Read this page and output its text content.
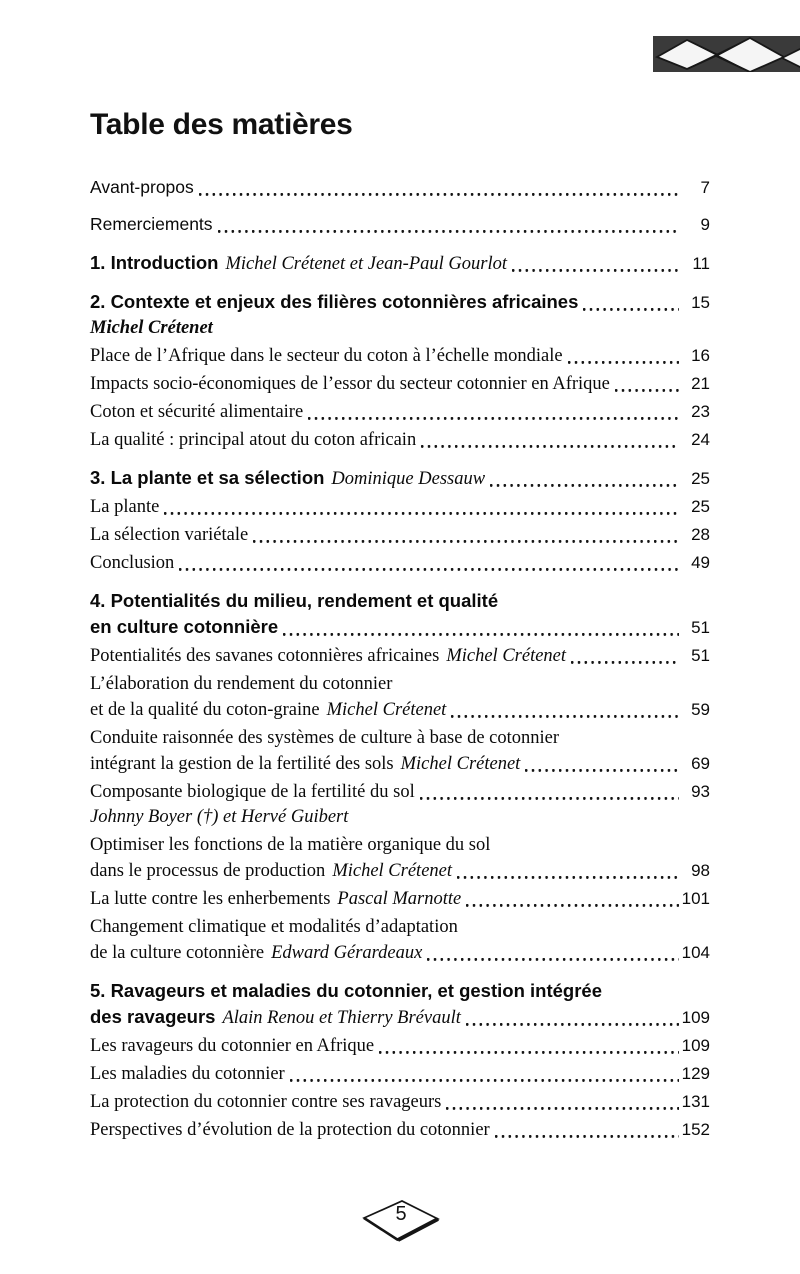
Table des matières
Avant-propos	7
Remerciements	9
1. Introduction Michel Crétenet et Jean-Paul Gourlot	11
2. Contexte et enjeux des filières cotonnières africaines	15
Michel Crétenet
Place de l’Afrique dans le secteur du coton à l’échelle mondiale	16
Impacts socio-économiques de l’essor du secteur cotonnier en Afrique	21
Coton et sécurité alimentaire	23
La qualité : principal atout du coton africain	24
3. La plante et sa sélection Dominique Dessauw	25
La plante	25
La sélection variétale	28
Conclusion	49
4. Potentialités du milieu, rendement et qualité
en culture cotonnière	51
Potentialités des savanes cotonnières africaines Michel Crétenet	51
L’élaboration du rendement du cotonnier
et de la qualité du coton-graine Michel Crétenet	59
Conduite raisonnée des systèmes de culture à base de cotonnier
intégrant la gestion de la fertilité des sols Michel Crétenet	69
Composante biologique de la fertilité du sol	93
Johnny Boyer (†) et Hervé Guibert
Optimiser les fonctions de la matière organique du sol
dans le processus de production Michel Crétenet	98
La lutte contre les enherbements Pascal Marnotte	101
Changement climatique et modalités d’adaptation
de la culture cotonnière Edward Gérardeaux	104
5. Ravageurs et maladies du cotonnier, et gestion intégrée
des ravageurs Alain Renou et Thierry Brévault	109
Les ravageurs du cotonnier en Afrique	109
Les maladies du cotonnier	129
La protection du cotonnier contre ses ravageurs	131
Perspectives d’évolution de la protection du cotonnier	152
5
